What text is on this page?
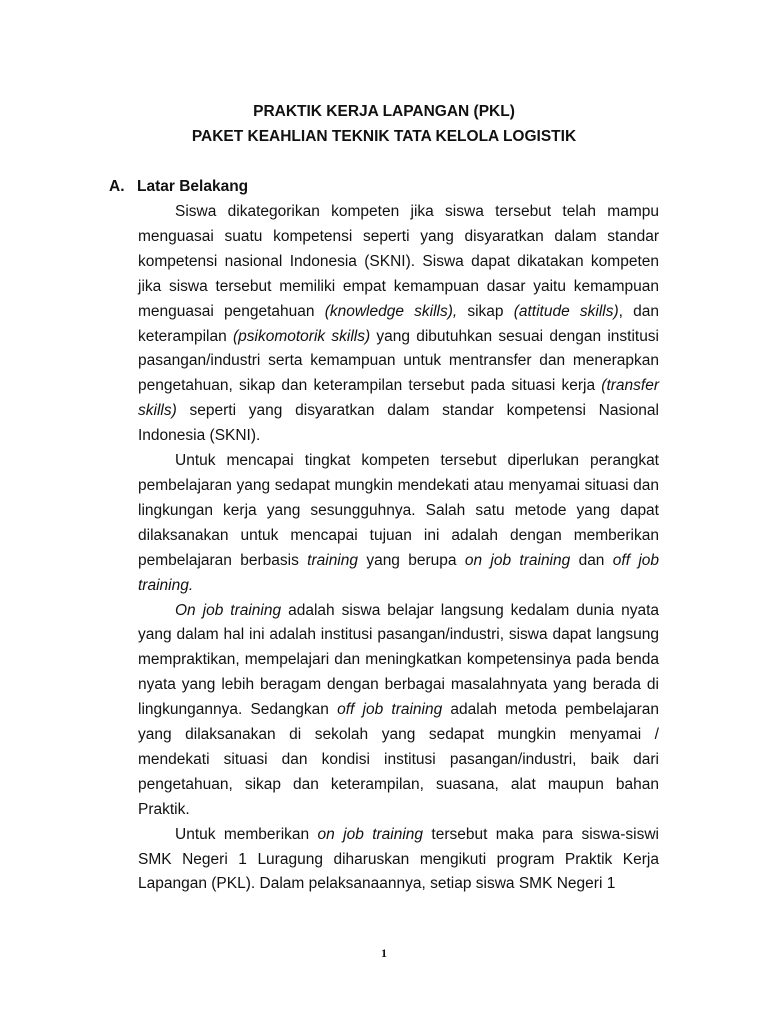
PRAKTIK KERJA LAPANGAN (PKL)
PAKET KEAHLIAN TEKNIK TATA KELOLA LOGISTIK
A. Latar Belakang

Siswa dikategorikan kompeten jika siswa tersebut telah mampu menguasai suatu kompetensi seperti yang disyaratkan dalam standar kompetensi nasional Indonesia (SKNI). Siswa dapat dikatakan kompeten jika siswa tersebut memiliki empat kemampuan dasar yaitu kemampuan menguasai pengetahuan (knowledge skills), sikap (attitude skills), dan keterampilan (psikomotorik skills) yang dibutuhkan sesuai dengan institusi pasangan/industri serta kemampuan untuk mentransfer dan menerapkan pengetahuan, sikap dan keterampilan tersebut pada situasi kerja (transfer skills) seperti yang disyaratkan dalam standar kompetensi Nasional Indonesia (SKNI).

Untuk mencapai tingkat kompeten tersebut diperlukan perangkat pembelajaran yang sedapat mungkin mendekati atau menyamai situasi dan lingkungan kerja yang sesungguhnya. Salah satu metode yang dapat dilaksanakan untuk mencapai tujuan ini adalah dengan memberikan pembelajaran berbasis training yang berupa on job training dan off job training.

On job training adalah siswa belajar langsung kedalam dunia nyata yang dalam hal ini adalah institusi pasangan/industri, siswa dapat langsung mempraktikan, mempelajari dan meningkatkan kompetensinya pada benda nyata yang lebih beragam dengan berbagai masalahnyata yang berada di lingkungannya. Sedangkan off job training adalah metoda pembelajaran yang dilaksanakan di sekolah yang sedapat mungkin menyamai / mendekati situasi dan kondisi institusi pasangan/industri, baik dari pengetahuan, sikap dan keterampilan, suasana, alat maupun bahan Praktik.

Untuk memberikan on job training tersebut maka para siswa-siswi SMK Negeri 1 Luragung diharuskan mengikuti program Praktik Kerja Lapangan (PKL). Dalam pelaksanaannya, setiap siswa SMK Negeri 1

1
